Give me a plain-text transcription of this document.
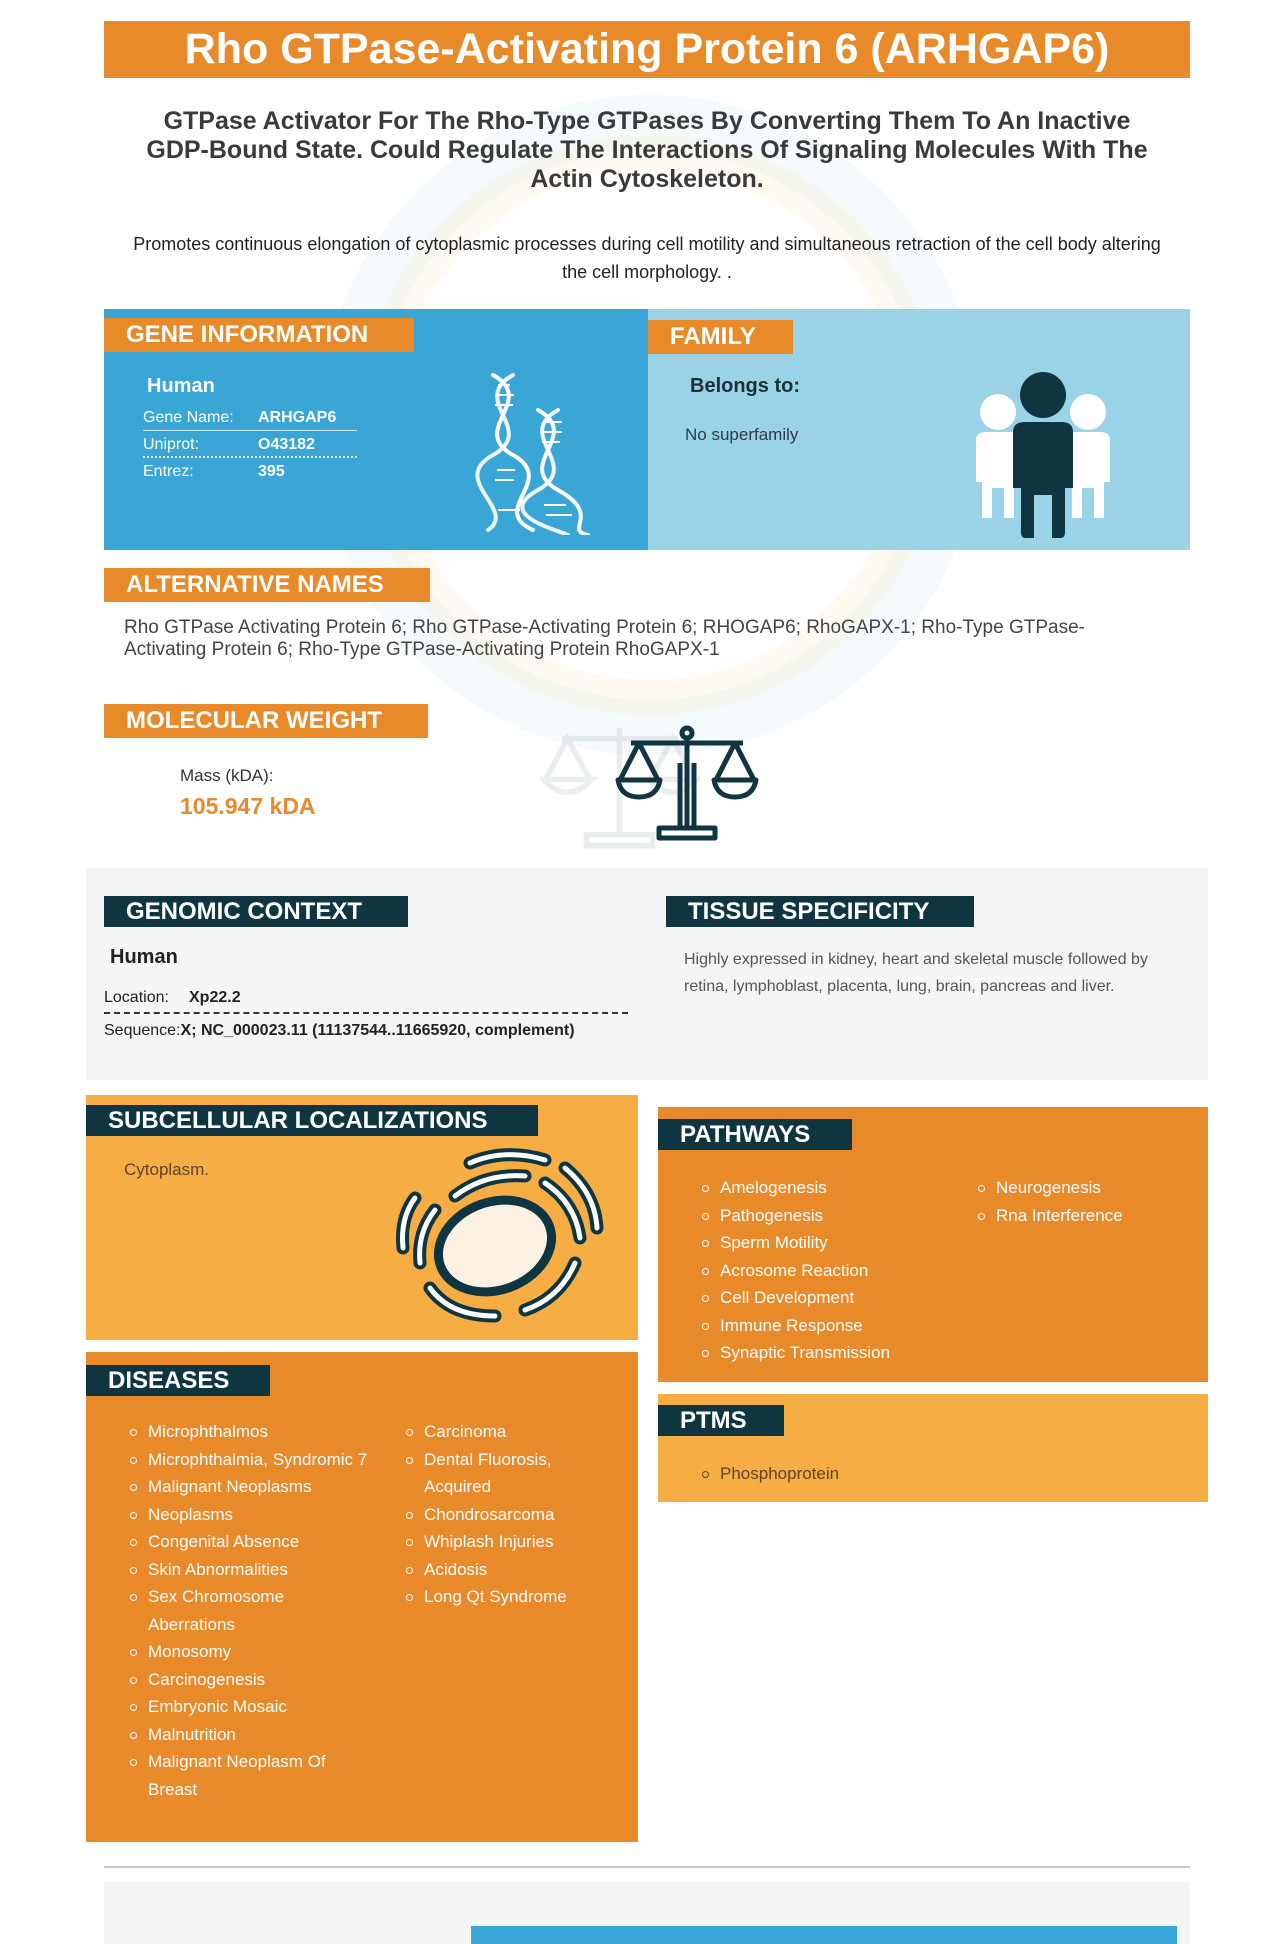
Rho GTPase-Activating Protein 6 (ARHGAP6)
GTPase Activator For The Rho-Type GTPases By Converting Them To An Inactive GDP-Bound State. Could Regulate The Interactions Of Signaling Molecules With The Actin Cytoskeleton.
Promotes continuous elongation of cytoplasmic processes during cell motility and simultaneous retraction of the cell body altering the cell morphology. .
GENE INFORMATION	FAMILY
Human
Gene Name: ARHGAP6
Uniprot:	O43182
Entrez:	395
Belongs to:
No superfamily
ALTERNATIVE NAMES
Rho GTPase Activating Protein 6; Rho GTPase-Activating Protein 6; RHOGAP6; RhoGAPX-1; Rho-Type GTPase-Activating Protein 6; Rho-Type GTPase-Activating Protein RhoGAPX-1
MOLECULAR WEIGHT
Mass (kDA):
105.947 kDA
GENOMIC CONTEXT	TISSUE SPECIFICITY
Human
Location: Xp22.2
Sequence:X; NC_000023.11 (11137544..11665920, complement)
Highly expressed in kidney, heart and skeletal muscle followed by retina, lymphoblast, placenta, lung, brain, pancreas and liver.
SUBCELLULAR LOCALIZATIONS
Cytoplasm.
PATHWAYS
Amelogenesis
Pathogenesis
Sperm Motility
Acrosome Reaction
Cell Development
Immune Response
Synaptic Transmission
Neurogenesis
Rna Interference
PTMS
Phosphoprotein
DISEASES
Microphthalmos
Microphthalmia, Syndromic 7
Malignant Neoplasms
Neoplasms
Congenital Absence
Skin Abnormalities
Sex Chromosome Aberrations
Monosomy
Carcinogenesis
Embryonic Mosaic
Malnutrition
Malignant Neoplasm Of Breast
Carcinoma
Dental Fluorosis, Acquired
Chondrosarcoma
Whiplash Injuries
Acidosis
Long Qt Syndrome
